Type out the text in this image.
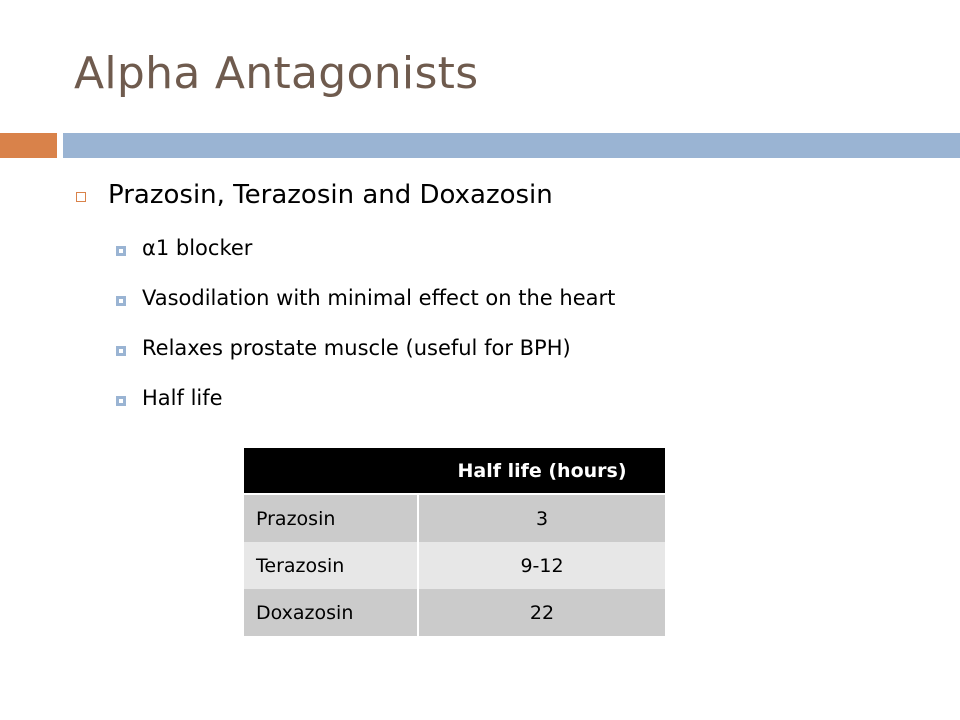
Alpha Antagonists
Prazosin, Terazosin and Doxazosin
α1 blocker
Vasodilation with minimal effect on the heart
Relaxes prostate muscle (useful for BPH)
Half life
	Half life (hours)
Prazosin	3
Terazosin	9-12
Doxazosin	22
